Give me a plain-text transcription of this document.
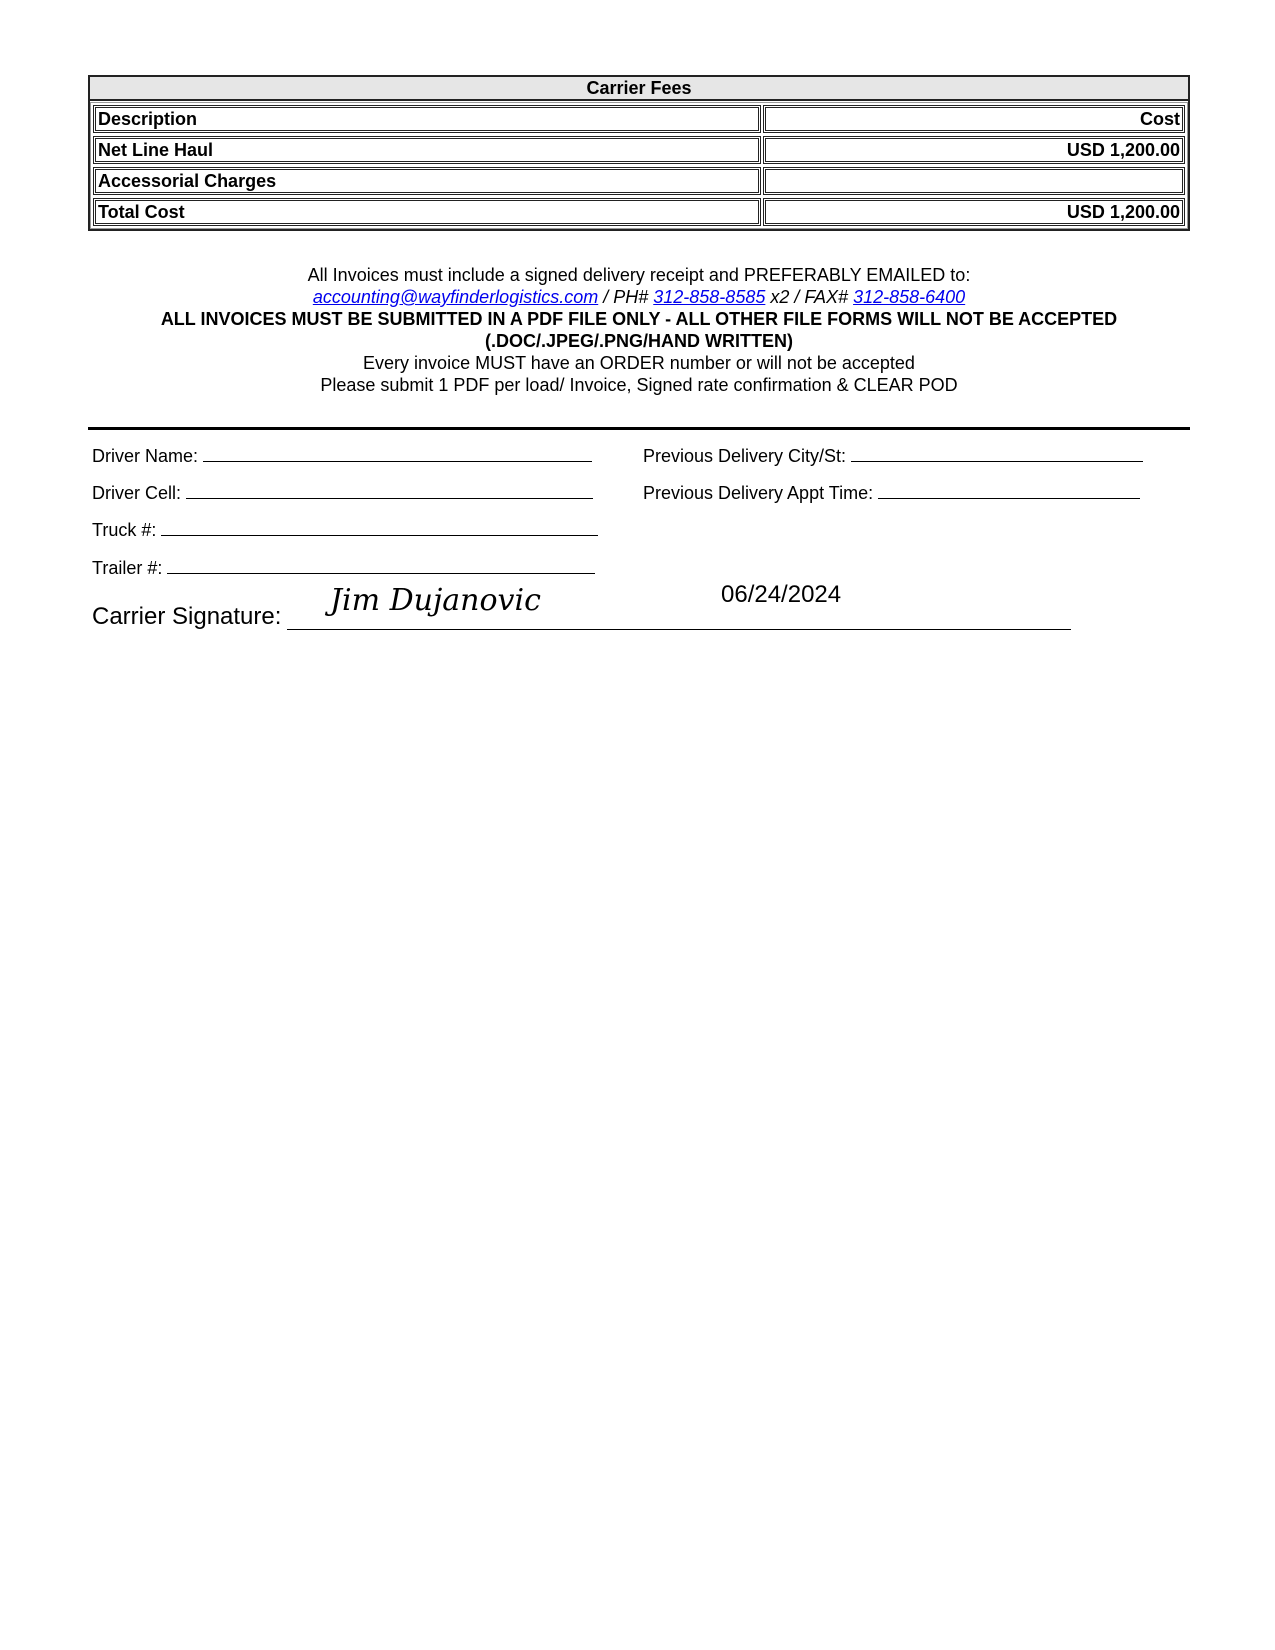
Carrier Fees
Description	Cost
Net Line Haul	USD 1,200.00
Accessorial Charges
Total Cost	USD 1,200.00
All Invoices must include a signed delivery receipt and PREFERABLY EMAILED to:
accounting@wayfinderlogistics.com / PH# 312-858-8585 x2 / FAX# 312-858-6400
ALL INVOICES MUST BE SUBMITTED IN A PDF FILE ONLY - ALL OTHER FILE FORMS WILL NOT BE ACCEPTED
(.DOC/.JPEG/.PNG/HAND WRITTEN)
Every invoice MUST have an ORDER number or will not be accepted
Please submit 1 PDF per load/ Invoice, Signed rate confirmation & CLEAR POD
Driver Name:
Driver Cell:
Truck #:
Trailer #:
Previous Delivery City/St:
Previous Delivery Appt Time:
Carrier Signature: Jim Dujanovic	06/24/2024
